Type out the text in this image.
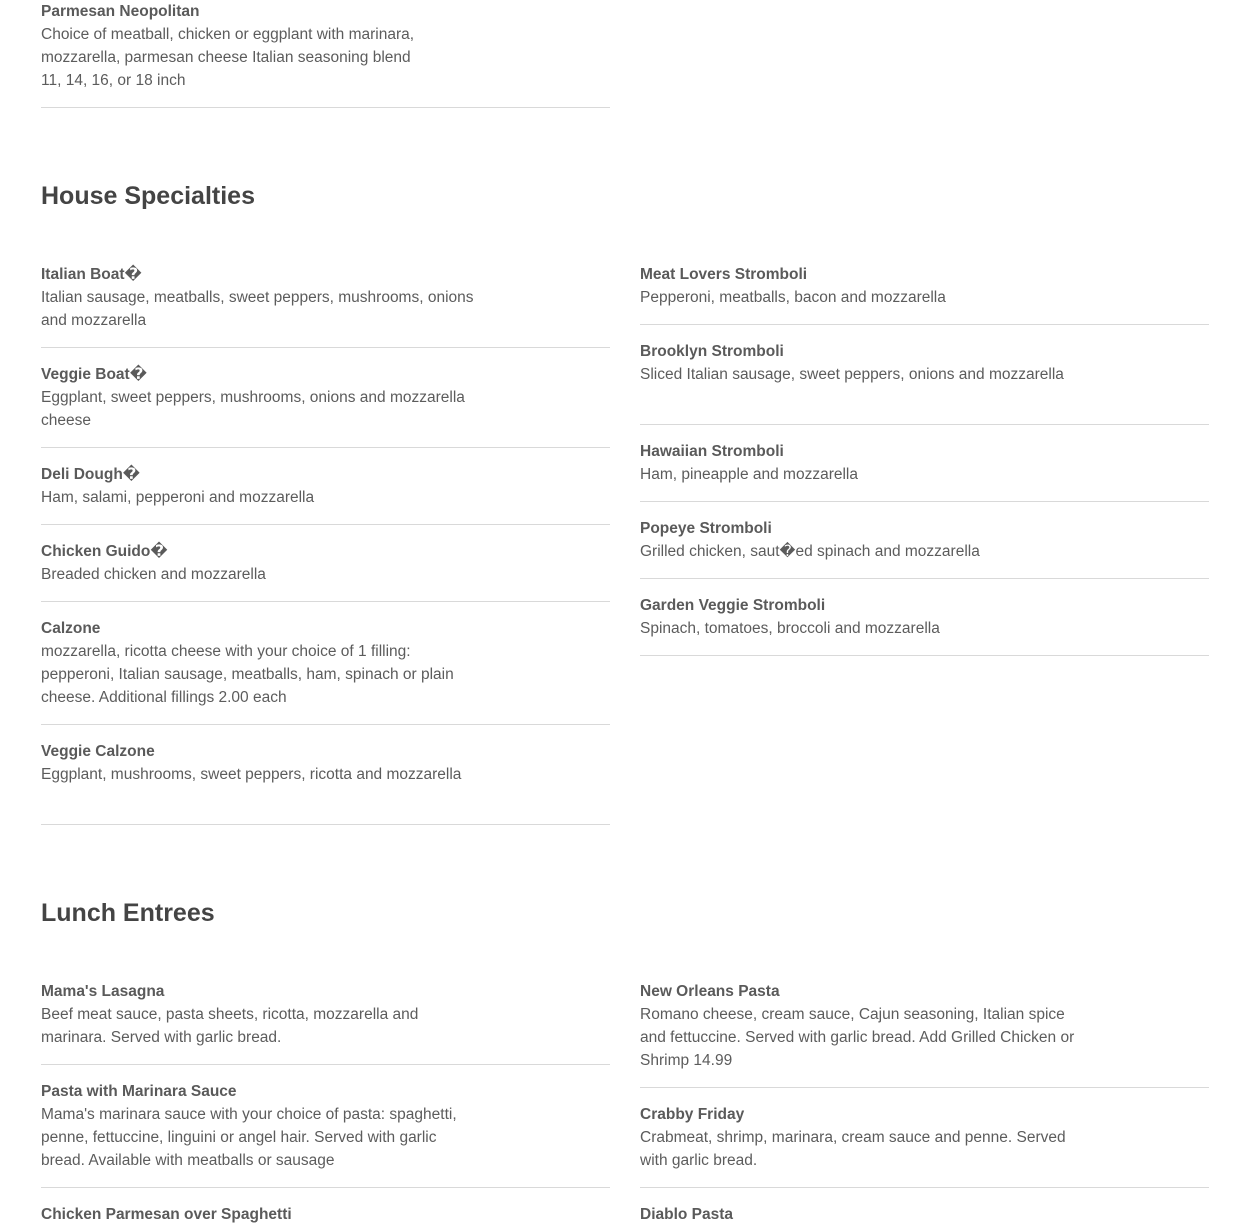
Parmesan Neopolitan
Choice of meatball, chicken or eggplant with marinara, mozzarella, parmesan cheese Italian seasoning blend
11, 14, 16, or 18 inch
House Specialties
Italian Boat�
Italian sausage, meatballs, sweet peppers, mushrooms, onions and mozzarella
Veggie Boat�
Eggplant, sweet peppers, mushrooms, onions and mozzarella cheese
Deli Dough�
Ham, salami, pepperoni and mozzarella
Chicken Guido�
Breaded chicken and mozzarella
Calzone
mozzarella, ricotta cheese with your choice of 1 filling: pepperoni, Italian sausage, meatballs, ham, spinach or plain cheese. Additional fillings 2.00 each
Veggie Calzone
Eggplant, mushrooms, sweet peppers, ricotta and mozzarella
Meat Lovers Stromboli
Pepperoni, meatballs, bacon and mozzarella
Brooklyn Stromboli
Sliced Italian sausage, sweet peppers, onions and mozzarella
Hawaiian Stromboli
Ham, pineapple and mozzarella
Popeye Stromboli
Grilled chicken, saut�ed spinach and mozzarella
Garden Veggie Stromboli
Spinach, tomatoes, broccoli and mozzarella
Lunch Entrees
Mama's Lasagna
Beef meat sauce, pasta sheets, ricotta, mozzarella and marinara. Served with garlic bread.
Pasta with Marinara Sauce
Mama's marinara sauce with your choice of pasta: spaghetti, penne, fettuccine, linguini or angel hair. Served with garlic bread. Available with meatballs or sausage
Chicken Parmesan over Spaghetti
New Orleans Pasta
Romano cheese, cream sauce, Cajun seasoning, Italian spice and fettuccine. Served with garlic bread. Add Grilled Chicken or Shrimp 14.99
Crabby Friday
Crabmeat, shrimp, marinara, cream sauce and penne. Served with garlic bread.
Diablo Pasta
